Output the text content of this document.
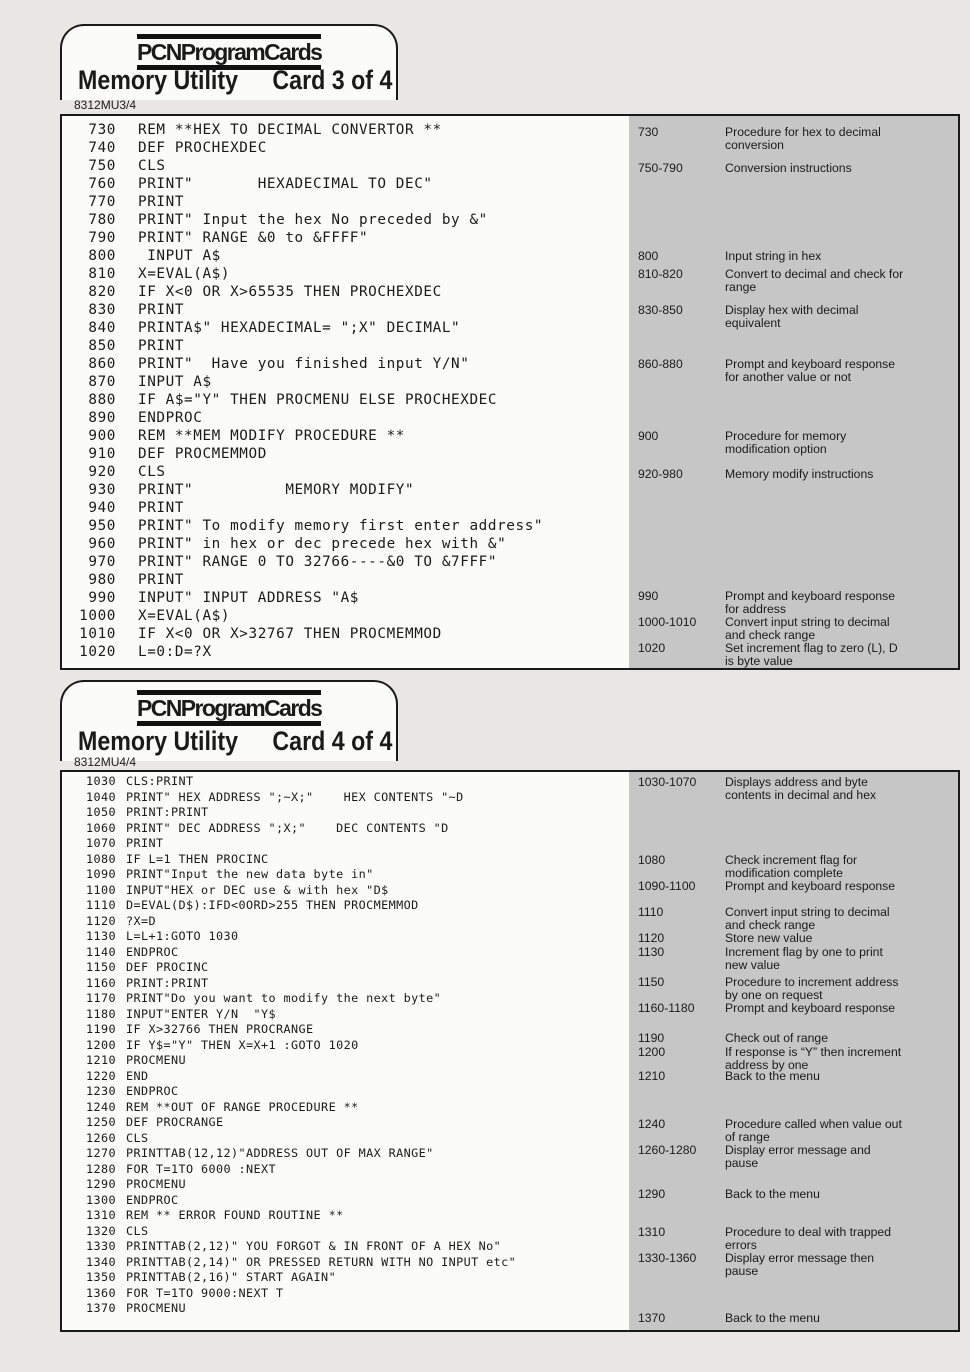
PCNProgramCards
Memory Utility Card 3 of 4
8312MU3/4
730 REM **HEX TO DECIMAL CONVERTOR **
740 DEF PROCHEXDEC
750 CLS
760 PRINT"       HEXADECIMAL TO DEC"
770 PRINT
780 PRINT" Input the hex No preceded by &"
790 PRINT" RANGE &0 to &FFFF"
800 INPUT A$
810 X=EVAL(A$)
820 IF X<0 OR X>65535 THEN PROCHEXDEC
830 PRINT
840 PRINTA$" HEXADECIMAL= ";X" DECIMAL"
850 PRINT
860 PRINT"  Have you finished input Y/N"
870 INPUT A$
880 IF A$="Y" THEN PROCMENU ELSE PROCHEXDEC
890 ENDPROC
900 REM **MEM MODIFY PROCEDURE **
910 DEF PROCMEMMOD
920 CLS
930 PRINT"          MEMORY MODIFY"
940 PRINT
950 PRINT" To modify memory first enter address"
960 PRINT" in hex or dec precede hex with &"
970 PRINT" RANGE 0 TO 32766----&0 TO &7FFF"
980 PRINT
990 INPUT" INPUT ADDRESS "A$
1000 X=EVAL(A$)
1010 IF X<0 OR X>32767 THEN PROCMEMMOD
1020 L=0:D=?X
730	Procedure for hex to decimal conversion
750-790	Conversion instructions
800	Input string in hex
810-820	Convert to decimal and check for range
830-850	Display hex with decimal equivalent
860-880	Prompt and keyboard response for another value or not
900	Procedure for memory modification option
920-980	Memory modify instructions
990	Prompt and keyboard response for address
1000-1010 Convert input string to decimal and check range
1020	Set increment flag to zero (L), D is byte value
PCNProgramCards
Memory Utility Card 4 of 4
8312MU4/4
1030 CLS:PRINT
1040 PRINT" HEX ADDRESS ";~X;"    HEX CONTENTS "~D
1050 PRINT:PRINT
1060 PRINT" DEC ADDRESS ";X;"    DEC CONTENTS "D
1070 PRINT
1080 IF L=1 THEN PROCINC
1090 PRINT"Input the new data byte in"
1100 INPUT"HEX or DEC use & with hex "D$
1110 D=EVAL(D$):IFD<0ORD>255 THEN PROCMEMMOD
1120 ?X=D
1130 L=L+1:GOTO 1030
1140 ENDPROC
1150 DEF PROCINC
1160 PRINT:PRINT
1170 PRINT"Do you want to modify the next byte"
1180 INPUT"ENTER Y/N  "Y$
1190 IF X>32766 THEN PROCRANGE
1200 IF Y$="Y" THEN X=X+1 :GOTO 1020
1210 PROCMENU
1220 END
1230 ENDPROC
1240 REM **OUT OF RANGE PROCEDURE **
1250 DEF PROCRANGE
1260 CLS
1270 PRINTTAB(12,12)"ADDRESS OUT OF MAX RANGE"
1280 FOR T=1TO 6000 :NEXT
1290 PROCMENU
1300 ENDPROC
1310 REM ** ERROR FOUND ROUTINE **
1320 CLS
1330 PRINTTAB(2,12)" YOU FORGOT & IN FRONT OF A HEX No"
1340 PRINTTAB(2,14)" OR PRESSED RETURN WITH NO INPUT etc"
1350 PRINTTAB(2,16)" START AGAIN"
1360 FOR T=1TO 9000:NEXT T
1370 PROCMENU
1030-1070 Displays address and byte contents in decimal and hex
1080	Check increment flag for modification complete
1090-1100 Prompt and keyboard response
1110	Convert input string to decimal and check range
1120	Store new value
1130	Increment flag by one to print new value
1150	Procedure to increment address by one on request
1160-1180	Prompt and keyboard response
1190	Check out of range
1200	If response is “Y” then increment address by one
1210	Back to the menu
1240	Procedure called when value out of range
1260-1280 Display error message and pause
1290	Back to the menu
1310	Procedure to deal with trapped errors
1330-1360 Display error message then pause
1370	Back to the menu
